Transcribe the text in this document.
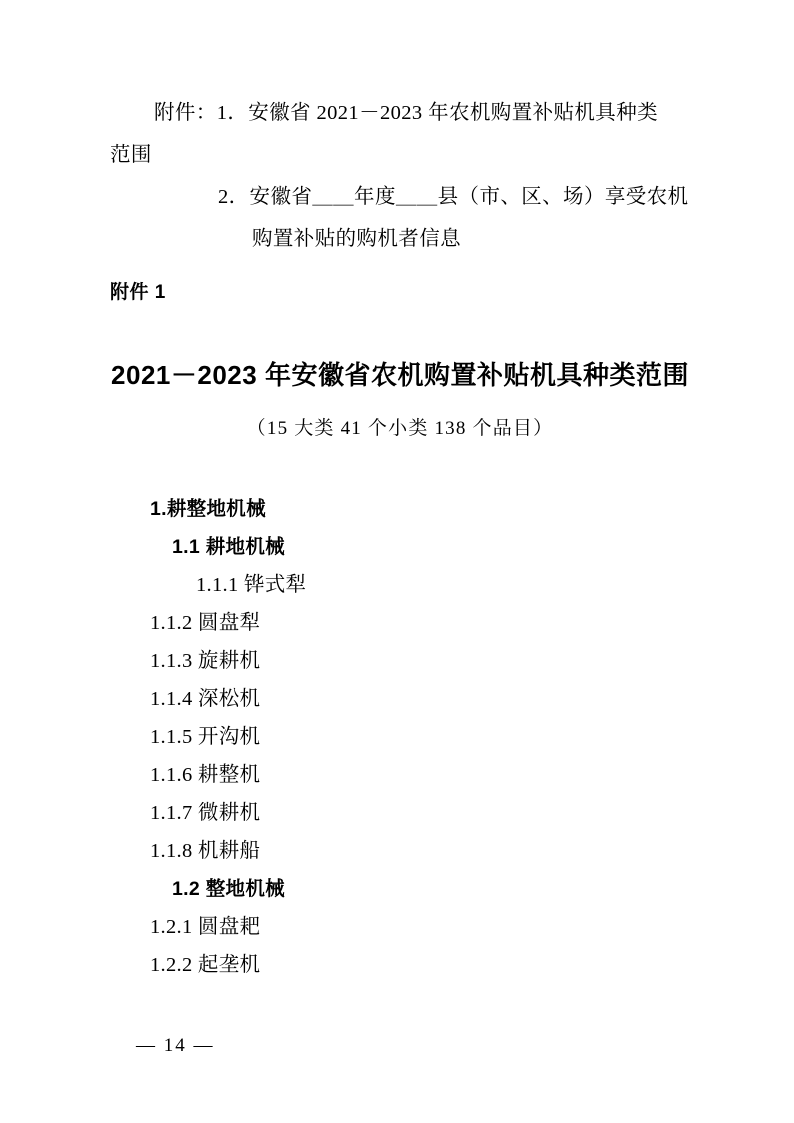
附件：1．安徽省 2021－2023 年农机购置补贴机具种类
范围
2．安徽省＿＿年度＿＿县（市、区、场）享受农机
购置补贴的购机者信息
附件 1
2021－2023 年安徽省农机购置补贴机具种类范围
（15 大类 41 个小类 138 个品目）
1.耕整地机械
1.1 耕地机械
1.1.1 铧式犁
1.1.2 圆盘犁
1.1.3 旋耕机
1.1.4 深松机
1.1.5 开沟机
1.1.6 耕整机
1.1.7 微耕机
1.1.8 机耕船
1.2 整地机械
1.2.1 圆盘耙
1.2.2 起垄机
— 14 —
